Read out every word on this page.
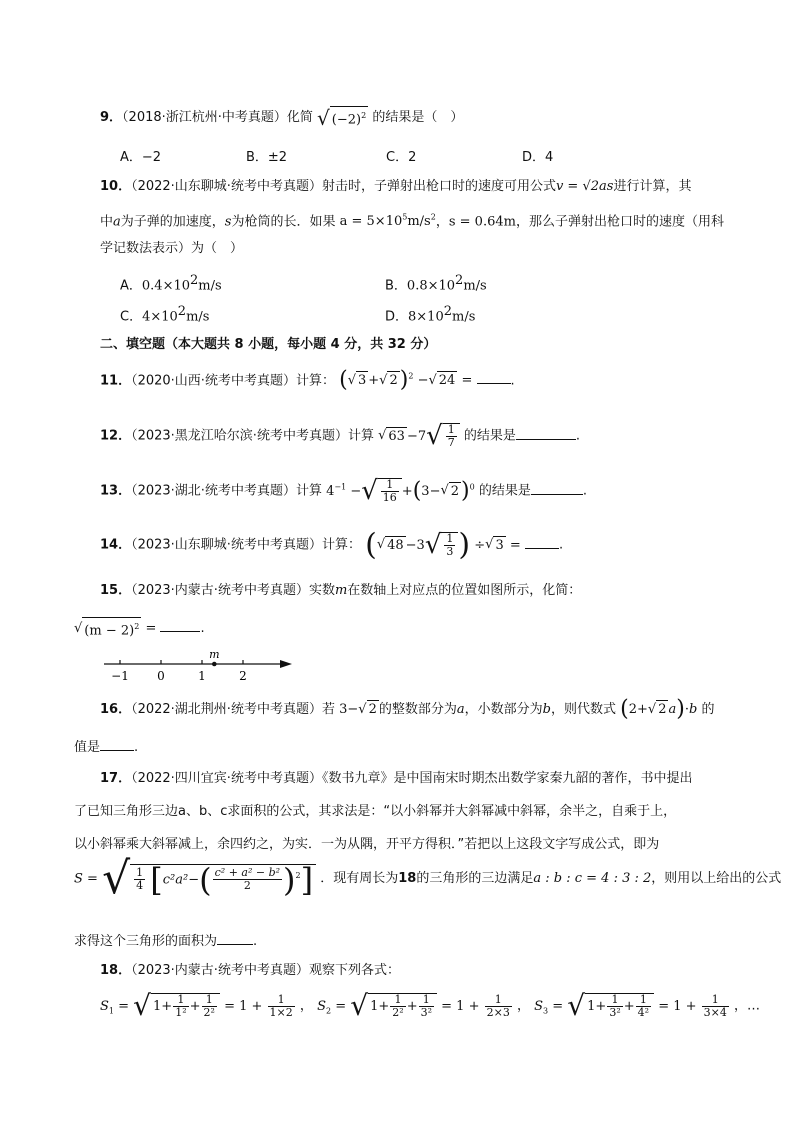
9．（2018·浙江杭州·中考真题）化简 √ $(-2)^2$ 的结果是（　）
A．−2	B．±2	C．2	D．4
10．（2022·山东聊城·统考中考真题）射击时，子弹射出枪口时的速度可用公式v = √2as进行计算，其
中a为子弹的加速度，s为枪筒的长．如果 $a = 5\times 10^5m/s^2$，s = 0.64m，那么子弹射出枪口时的速度（用科
学记数法表示）为（　）
A．$0.4\times 10^2m/s$	B．$0.8\times 10^2m/s$
C．$4\times 10^2m/s$	D．$8\times 10^2m/s$
二、填空题（本大题共 8 小题，每小题 4 分，共 32 分）
11．（2020·山西·统考中考真题）计算： (√ 3 +√ 2)$^2$ −√ 24 =	.
12．（2023·黑龙江哈尔滨·统考中考真题）计算 √ $63 -7√ \frac{1}{7}$ 的结果是	.
13．（2023·湖北·统考中考真题）计算 $4^{-1}$ −√ $\frac{1}{16} +(3-√$ 2)$^0$ 的结果是	.
14．（2023·山东聊城·统考中考真题）计算： (√ $48 -3√ \frac{1}{3}$ ) ÷√ 3 =	.
15．（2023·内蒙古·统考中考真题）实数m在数轴上对应点的位置如图所示，化简：
√ $(m - 2)^2$ =	.
−1 0	1	2
m
16．（2022·湖北荆州·统考中考真题）若 3−√ 2 的整数部分为a，小数部分为b，则代数式 (2+√ 2 a)·b 的
值是	.
17．（2022·四川宜宾·统考中考真题）《数书九章》是中国南宋时期杰出数学家秦九韶的著作，书中提出
了已知三角形三边a、b、c求面积的公式，其求法是：“以小斜幂并大斜幂减中斜幂，余半之，自乘于上，
以小斜幂乘大斜幂减上，余四约之，为实．一为从隅，开平方得积．”若把以上这段文字写成公式，即为
S = √ $\frac{1}{4} [c^2a^2-( \frac{\text{c² + a² − b²}}{2} )^2]$ ．现有周长为18的三角形的三边满足a : b : c = 4 : 3 : 2，则用以上给出的公式
求得这个三角形的面积为	.
18．（2023·内蒙古·统考中考真题）观察下列各式：
$S_1$ = √ $1+ \frac{1}{\text{1²}} + \frac{1}{\text{2²}} = 1 + \frac{1}{1\times 2}$ ， $S_2$ = √ $1+ \frac{1}{\text{2²}} + \frac{1}{\text{3²}} = 1 + \frac{1}{2\times 3}$ ， $S_3$ = √ $1+ \frac{1}{\text{3²}} + \frac{1}{\text{4²}} = 1 + \frac{1}{3\times 4}$ ，…
